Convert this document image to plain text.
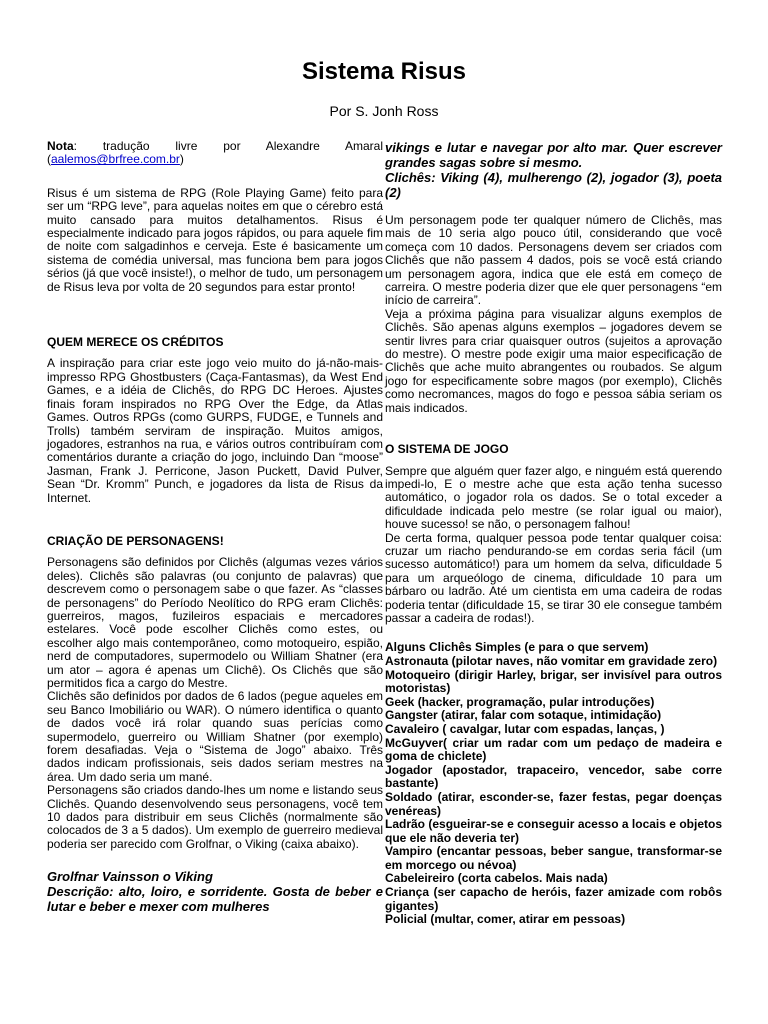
Sistema Risus
Por S. Jonh Ross

Nota: tradução livre por Alexandre Amaral (aalemos@brfree.com.br)

Risus é um sistema de RPG (Role Playing Game) feito para ser um “RPG leve”, para aquelas noites em que o cérebro está muito cansado para muitos detalhamentos. Risus é especialmente indicado para jogos rápidos, ou para aquele fim de noite com salgadinhos e cerveja. Este é basicamente um sistema de comédia universal, mas funciona bem para jogos sérios (já que você insiste!), o melhor de tudo, um personagem de Risus leva por volta de 20 segundos para estar pronto!

QUEM MERECE OS CRÉDITOS

A inspiração para criar este jogo veio muito do já-não-mais-impresso RPG Ghostbusters (Caça-Fantasmas), da West End Games, e a idéia de Clichês, do RPG DC Heroes. Ajustes finais foram inspirados no RPG Over the Edge, da Atlas Games. Outros RPGs (como GURPS, FUDGE, e Tunnels and Trolls) também serviram de inspiração. Muitos amigos, jogadores, estranhos na rua, e vários outros contribuíram com comentários durante a criação do jogo, incluindo Dan “moose” Jasman, Frank J. Perricone, Jason Puckett, David Pulver, Sean “Dr. Kromm” Punch, e jogadores da lista de Risus da Internet.

CRIAÇÃO DE PERSONAGENS!

Personagens são definidos por Clichês (algumas vezes vários deles). Clichês são palavras (ou conjunto de palavras) que descrevem como o personagem sabe o que fazer. As “classes de personagens” do Período Neolítico do RPG eram Clichês: guerreiros, magos, fuzileiros espaciais e mercadores estelares. Você pode escolher Clichês como estes, ou escolher algo mais contemporâneo, como motoqueiro, espião, nerd de computadores, supermodelo ou William Shatner (era um ator – agora é apenas um Clichê). Os Clichês que são permitidos fica a cargo do Mestre.

Clichês são definidos por dados de 6 lados (pegue aqueles em seu Banco Imobiliário ou WAR). O número identifica o quanto de dados você irá rolar quando suas perícias como supermodelo, guerreiro ou William Shatner (por exemplo) forem desafiadas. Veja o “Sistema de Jogo” abaixo. Três dados indicam profissionais, seis dados seriam mestres na área. Um dado seria um mané.

Personagens são criados dando-lhes um nome e listando seus Clichês. Quando desenvolvendo seus personagens, você tem 10 dados para distribuir em seus Clichês (normalmente são colocados de 3 a 5 dados). Um exemplo de guerreiro medieval poderia ser parecido com Grolfnar, o Viking (caixa abaixo).

Grolfnar Vainsson o Viking

Descrição: alto, loiro, e sorridente. Gosta de beber e lutar e beber e mexer com mulheres

vikings e lutar e navegar por alto mar. Quer escrever grandes sagas sobre si mesmo.

Clichês: Viking (4), mulherengo (2), jogador (3), poeta (2)

Um personagem pode ter qualquer número de Clichês, mas mais de 10 seria algo pouco útil, considerando que você começa com 10 dados. Personagens devem ser criados com Clichês que não passem 4 dados, pois se você está criando um personagem agora, indica que ele está em começo de carreira. O mestre poderia dizer que ele quer personagens “em início de carreira”.

Veja a próxima página para visualizar alguns exemplos de Clichês. São apenas alguns exemplos – jogadores devem se sentir livres para criar quaisquer outros (sujeitos a aprovação do mestre). O mestre pode exigir uma maior especificação de Clichês que ache muito abrangentes ou roubados. Se algum jogo for especificamente sobre magos (por exemplo), Clichês como necromances, magos do fogo e pessoa sábia seriam os mais indicados.

O SISTEMA DE JOGO

Sempre que alguém quer fazer algo, e ninguém está querendo impedi-lo, E o mestre ache que esta ação tenha sucesso automático, o jogador rola os dados. Se o total exceder a dificuldade indicada pelo mestre (se rolar igual ou maior), houve sucesso! se não, o personagem falhou!

De certa forma, qualquer pessoa pode tentar qualquer coisa: cruzar um riacho pendurando-se em cordas seria fácil (um sucesso automático!) para um homem da selva, dificuldade 5 para um arqueólogo de cinema, dificuldade 10 para um bárbaro ou ladrão. Até um cientista em uma cadeira de rodas poderia tentar (dificuldade 15, se tirar 30 ele consegue também passar a cadeira de rodas!).

Alguns Clichês Simples (e para o que servem)

Astronauta (pilotar naves, não vomitar em gravidade zero)

Motoqueiro (dirigir Harley, brigar, ser invisível para outros motoristas)

Geek (hacker, programação, pular introduções)

Gangster (atirar, falar com sotaque, intimidação)

Cavaleiro ( cavalgar, lutar com espadas, lanças, )

McGuyver( criar um radar com um pedaço de madeira e goma de chiclete)

Jogador (apostador, trapaceiro, vencedor, sabe corre bastante)

Soldado (atirar, esconder-se, fazer festas, pegar doenças venéreas)

Ladrão (esgueirar-se e conseguir acesso a locais e objetos que ele não deveria ter)

Vampiro (encantar pessoas, beber sangue, transformar-se em morcego ou névoa)

Cabeleireiro (corta cabelos. Mais nada)

Criança (ser capacho de heróis, fazer amizade com robôs gigantes)

Policial (multar, comer, atirar em pessoas)
